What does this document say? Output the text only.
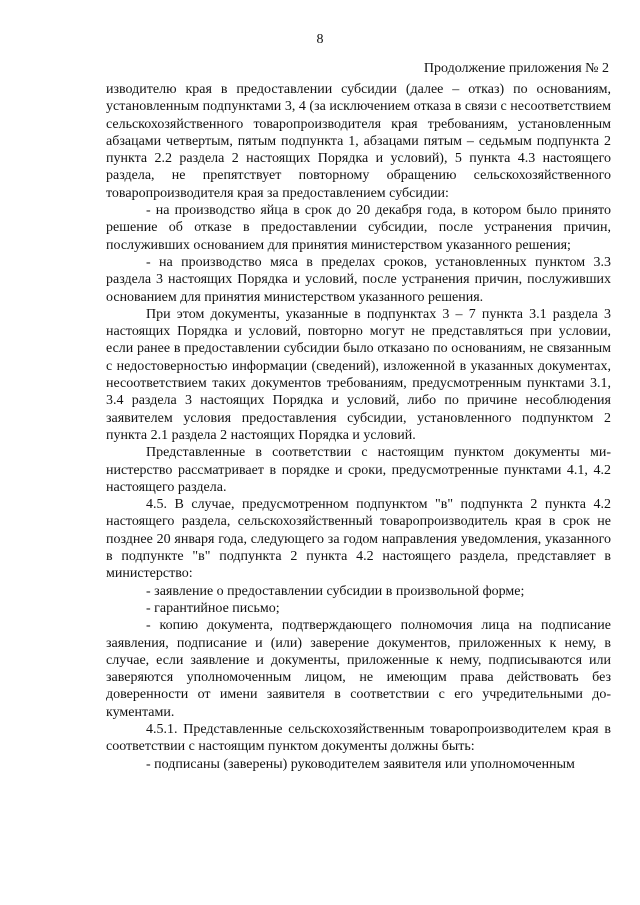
8
Продолжение приложения № 2

изводителю края в предоставлении субсидии (далее – отказ) по основаниям, установленным подпунктами 3, 4 (за исключением отказа в связи с несоответствием сельскохозяйственного товаропроизводителя края требованиям, установленным абзацами четвертым, пятым подпункта 1, абзацами пятым – седьмым подпункта 2 пункта 2.2 раздела 2 настоящих Порядка и условий), 5 пункта 4.3 настоящего раздела, не препятствует повторному обращению сельскохозяйственного товаропроизводителя края за предоставлением субсидии:

- на производство яйца в срок до 20 декабря года, в котором было принято решение об отказе в предоставлении субсидии, после устранения причин, послуживших основанием для принятия министерством указанного решения;

- на производство мяса в пределах сроков, установленных пунктом 3.3 раздела 3 настоящих Порядка и условий, после устранения причин, послуживших основанием для принятия министерством указанного решения.

При этом документы, указанные в подпунктах 3 – 7 пункта 3.1 раздела 3 настоящих Порядка и условий, повторно могут не представляться при условии, если ранее в предоставлении субсидии было отказано по основаниям, не связанным с недостоверностью информации (сведений), изложенной в указанных документах, несоответствием таких документов требованиям, предусмотренным пунктами 3.1, 3.4 раздела 3 настоящих Порядка и условий, либо по причине несоблюдения заявителем условия предоставления субсидии, установленного подпунктом 2 пункта 2.1 раздела 2 настоящих Порядка и условий.

Представленные в соответствии с настоящим пунктом документы министерство рассматривает в порядке и сроки, предусмотренные пунктами 4.1, 4.2 настоящего раздела.

4.5. В случае, предусмотренном подпунктом "в" подпункта 2 пункта 4.2 настоящего раздела, сельскохозяйственный товаропроизводитель края в срок не позднее 20 января года, следующего за годом направления уведомления, указанного в подпункте "в" подпункта 2 пункта 4.2 настоящего раздела, представляет в министерство:

- заявление о предоставлении субсидии в произвольной форме;

- гарантийное письмо;

- копию документа, подтверждающего полномочия лица на подписание заявления, подписание и (или) заверение документов, приложенных к нему, в случае, если заявление и документы, приложенные к нему, подписываются или заверяются уполномоченным лицом, не имеющим права действовать без доверенности от имени заявителя в соответствии с его учредительными документами.

4.5.1. Представленные сельскохозяйственным товаропроизводителем края в соответствии с настоящим пунктом документы должны быть:

- подписаны (заверены) руководителем заявителя или уполномоченным
